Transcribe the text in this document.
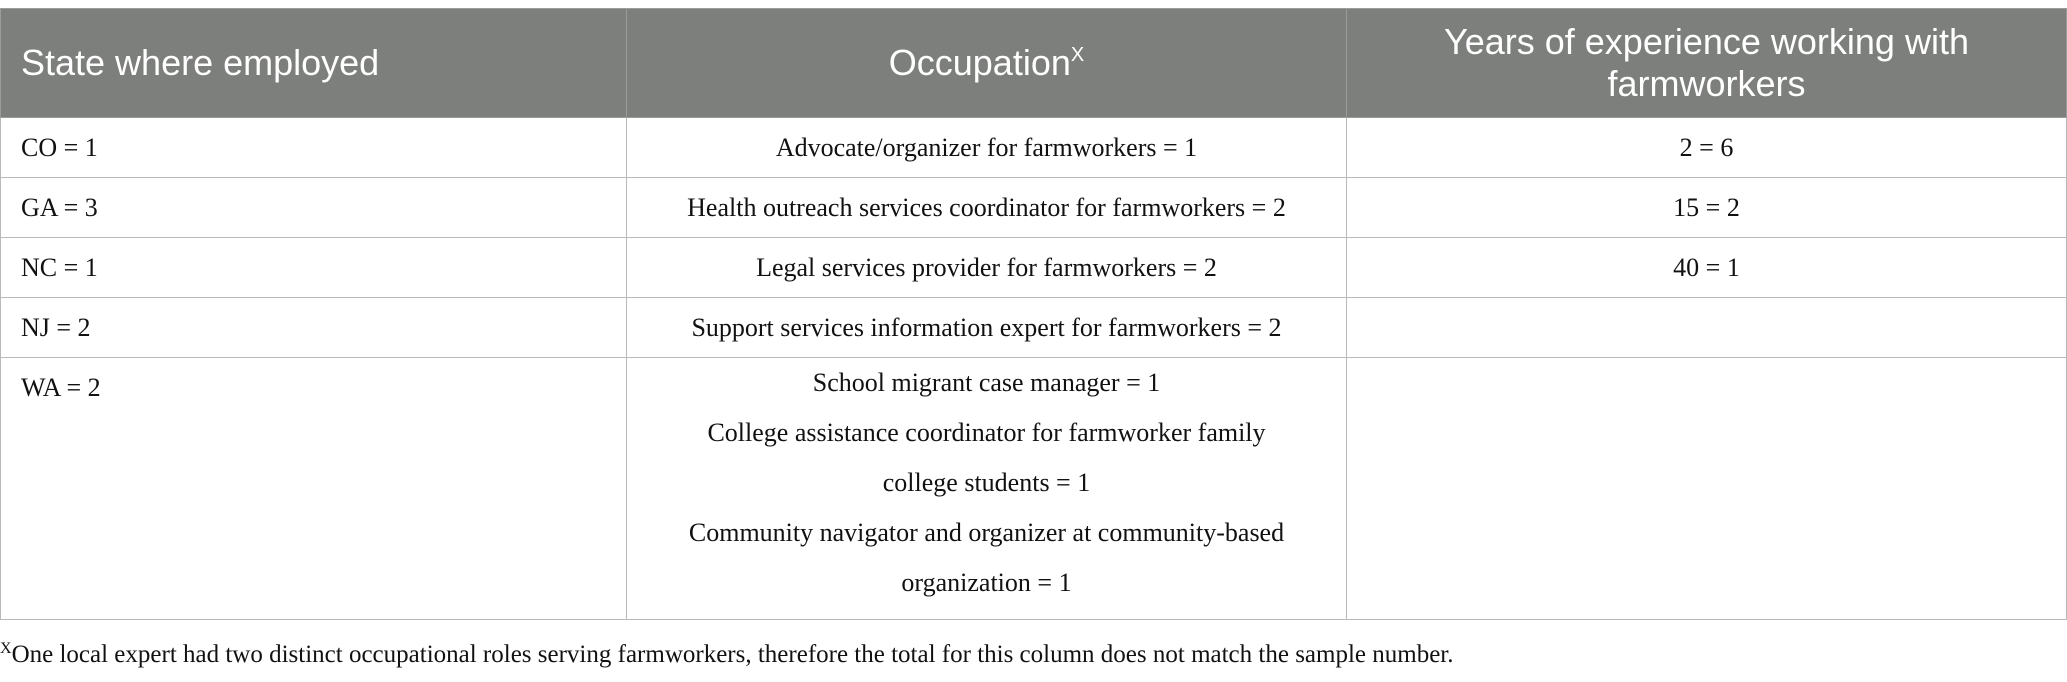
State where employed	Occupation$^X$	Years of experience working with farmworkers
CO = 1	Advocate/organizer for farmworkers = 1	2 = 6
GA = 3	Health outreach services coordinator for farmworkers = 2	15 = 2
NC = 1	Legal services provider for farmworkers = 2	40 = 1
NJ = 2	Support services information expert for farmworkers = 2	

WA = 2	School migrant case manager = 1
College assistance coordinator for farmworker family
college students = 1
Community navigator and organizer at community-based
organization = 1	

$^X$One local expert had two distinct occupational roles serving farmworkers, therefore the total for this column does not match the sample number.
